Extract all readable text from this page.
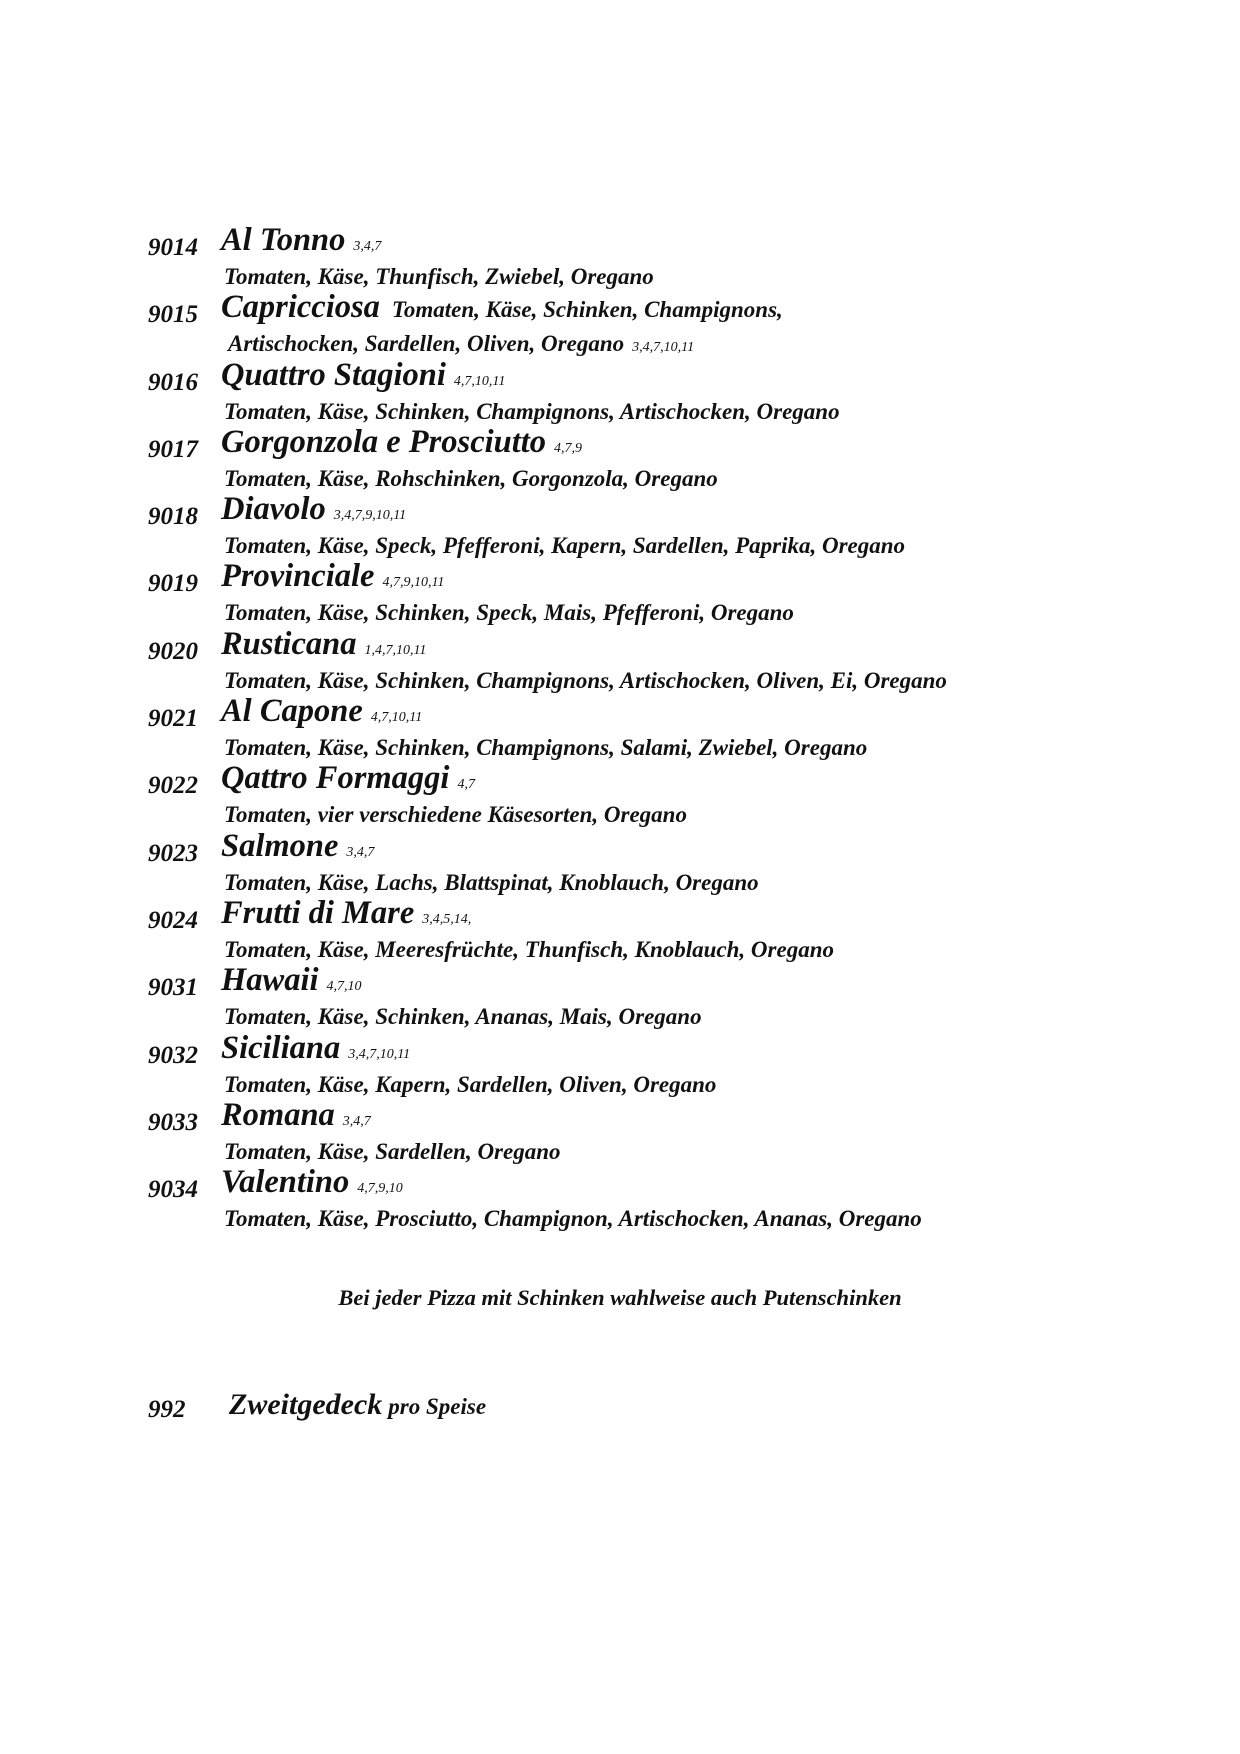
9014 Al Tonno 3,4,7
Tomaten, Käse, Thunfisch, Zwiebel, Oregano
9015 Capricciosa Tomaten, Käse, Schinken, Champignons,
Artischocken, Sardellen, Oliven, Oregano 3,4,7,10,11
9016 Quattro Stagioni 4,7,10,11
Tomaten, Käse, Schinken, Champignons, Artischocken, Oregano
9017 Gorgonzola e Prosciutto 4,7,9
Tomaten, Käse, Rohschinken, Gorgonzola, Oregano
9018 Diavolo 3,4,7,9,10,11
Tomaten, Käse, Speck, Pfefferoni, Kapern, Sardellen, Paprika, Oregano
9019 Provinciale 4,7,9,10,11
Tomaten, Käse, Schinken, Speck, Mais, Pfefferoni, Oregano
9020 Rusticana 1,4,7,10,11
Tomaten, Käse, Schinken, Champignons, Artischocken, Oliven, Ei, Oregano
9021 Al Capone 4,7,10,11
Tomaten, Käse, Schinken, Champignons, Salami, Zwiebel, Oregano
9022 Qattro Formaggi 4,7
Tomaten, vier verschiedene Käsesorten, Oregano
9023 Salmone 3,4,7
Tomaten, Käse, Lachs, Blattspinat, Knoblauch, Oregano
9024 Frutti di Mare 3,4,5,14,
Tomaten, Käse, Meeresfrüchte, Thunfisch, Knoblauch, Oregano
9031 Hawaii 4,7,10
Tomaten, Käse, Schinken, Ananas, Mais, Oregano
9032 Siciliana 3,4,7,10,11
Tomaten, Käse, Kapern, Sardellen, Oliven, Oregano
9033 Romana 3,4,7
Tomaten, Käse, Sardellen, Oregano
9034 Valentino 4,7,9,10
Tomaten, Käse, Prosciutto, Champignon, Artischocken, Ananas, Oregano
Bei jeder Pizza mit Schinken wahlweise auch Putenschinken
992 Zweitgedeck pro Speise
